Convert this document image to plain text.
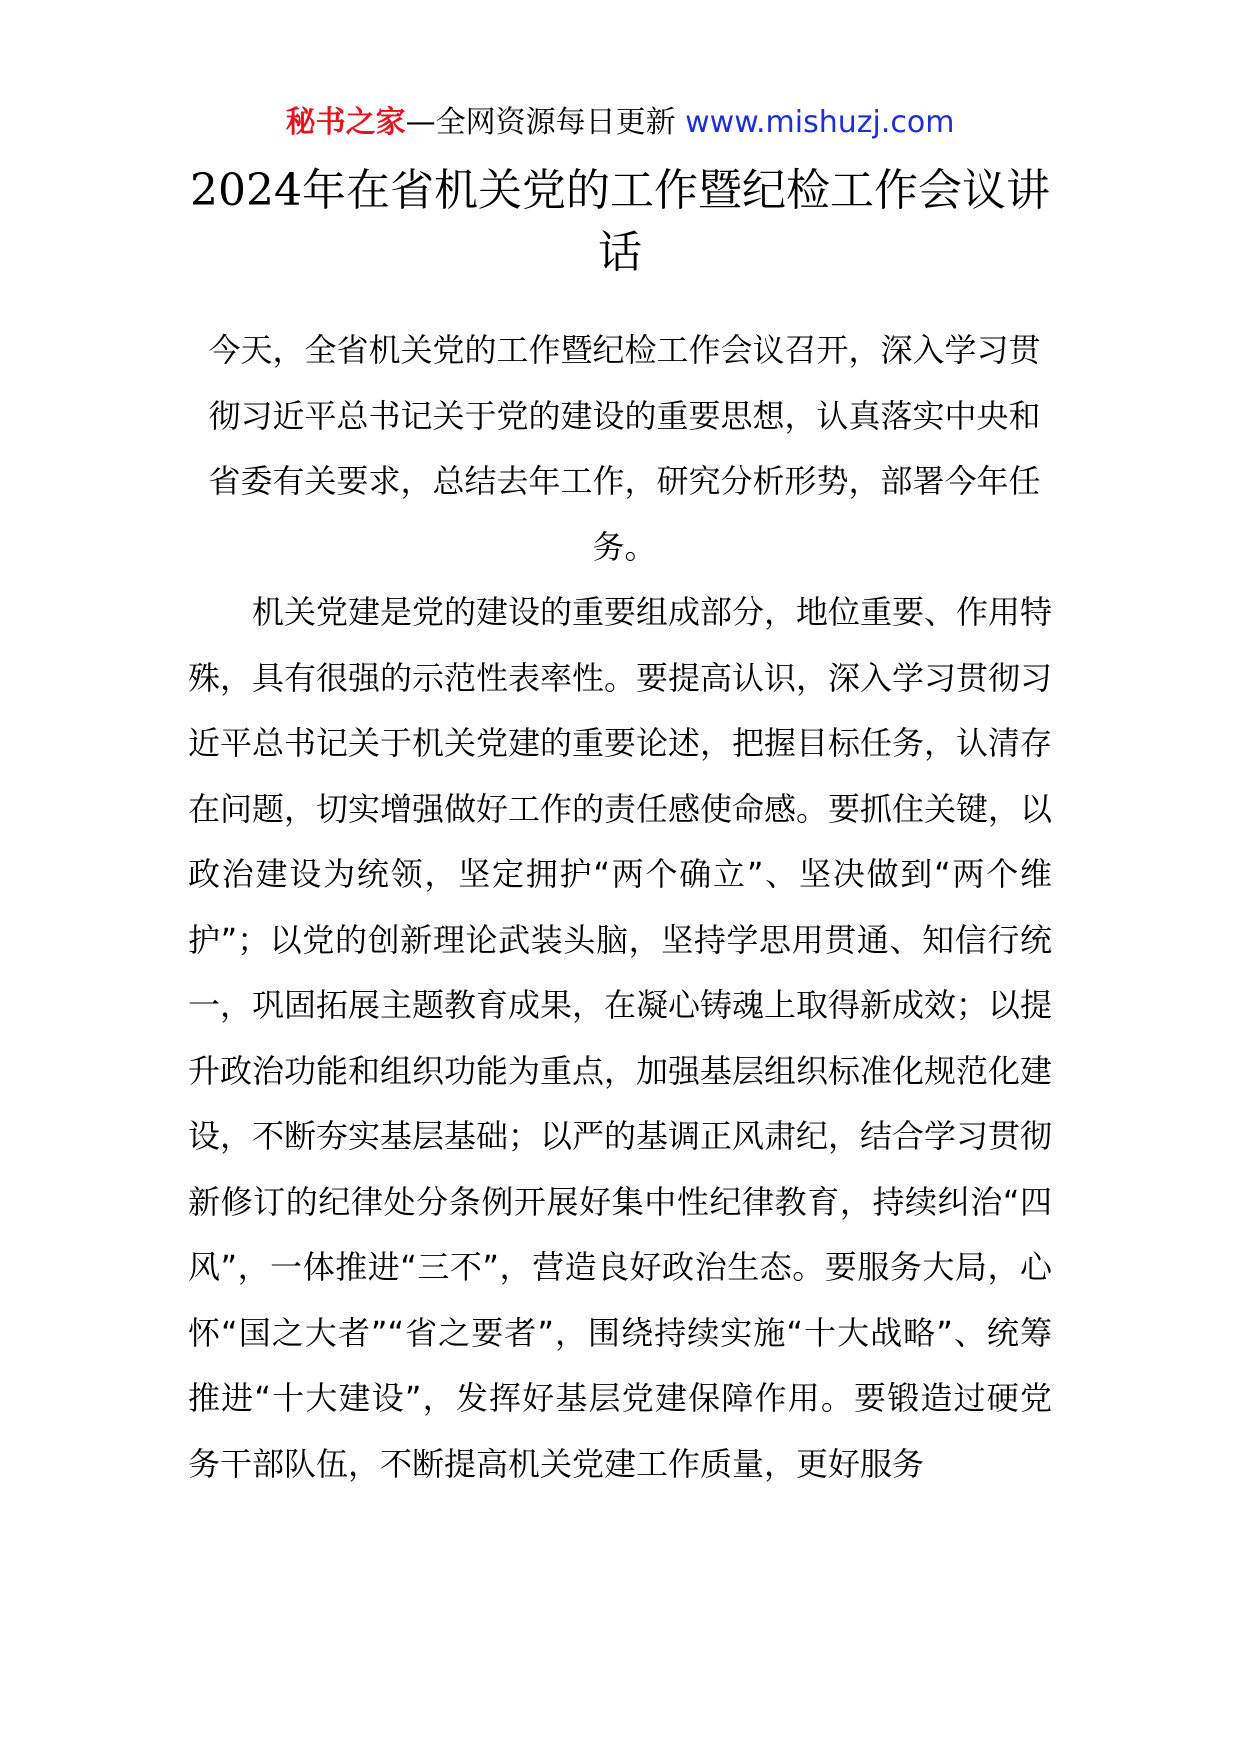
秘书之家—全网资源每日更新 www.mishuzj.com
2024年在省机关党的工作暨纪检工作会议讲话

今天，全省机关党的工作暨纪检工作会议召开，深入学习贯彻习近平总书记关于党的建设的重要思想，认真落实中央和省委有关要求，总结去年工作，研究分析形势，部署今年任务。

机关党建是党的建设的重要组成部分，地位重要、作用特殊，具有很强的示范性表率性。要提高认识，深入学习贯彻习近平总书记关于机关党建的重要论述，把握目标任务，认清存在问题，切实增强做好工作的责任感使命感。要抓住关键，以政治建设为统领，坚定拥护“两个确立”、坚决做到“两个维护”；以党的创新理论武装头脑，坚持学思用贯通、知信行统一，巩固拓展主题教育成果，在凝心铸魂上取得新成效；以提升政治功能和组织功能为重点，加强基层组织标准化规范化建设，不断夯实基层基础；以严的基调正风肃纪，结合学习贯彻新修订的纪律处分条例开展好集中性纪律教育，持续纠治“四风”，一体推进“三不”，营造良好政治生态。要服务大局，心怀“国之大者”“省之要者”，围绕持续实施“十大战略”、统筹推进“十大建设”，发挥好基层党建保障作用。要锻造过硬党务干部队伍，不断提高机关党建工作质量，更好服务
